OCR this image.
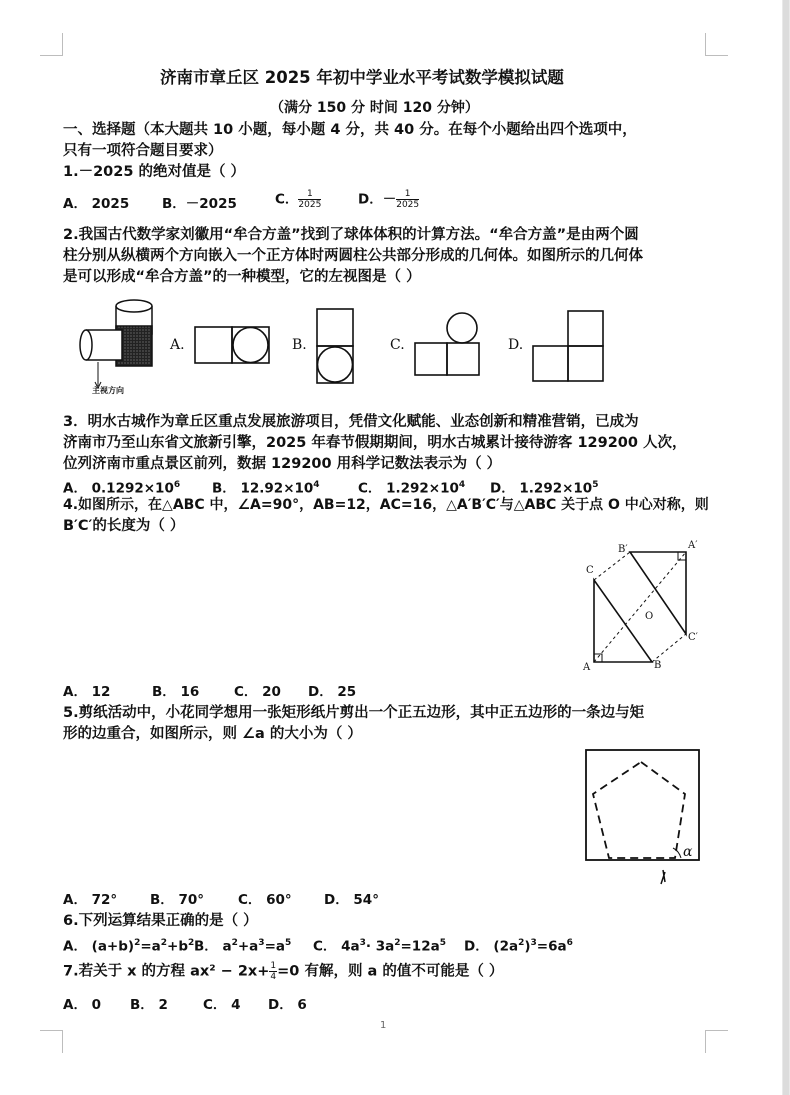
济南市章丘区 2025 年初中学业水平考试数学模拟试题
（满分 150 分 时间 120 分钟）
一、选择题（本大题共 10 小题，每小题 4 分，共 40 分。在每个小题给出四个选项中，
只有一项符合题目要求）
1.－2025 的绝对值是（ ）
A． 2025 B．－2025	C． $\frac{1}{2025}$	D．－ $\frac{1}{2025}$
2.我国古代数学家刘徽用“牟合方盖”找到了球体体积的计算方法。“牟合方盖”是由两个圆
柱分别从纵横两个方向嵌入一个正方体时两圆柱公共部分形成的几何体。如图所示的几何体
是可以形成“牟合方盖”的一种模型，它的左视图是（ ）
主视方向
A.	B.	C.	D.
3．明水古城作为章丘区重点发展旅游项目，凭借文化赋能、业态创新和精准营销，已成为
济南市乃至山东省文旅新引擎，2025 年春节假期期间，明水古城累计接待游客 129200 人次，
位列济南市重点景区前列，数据 129200 用科学记数法表示为（ ）
A． $0.1292\times 10^6$ B． $12.92\times 10^4$	C． $1.292\times 10^4$ D． $1.292\times 10^5$
4.如图所示，在△ABC 中，∠A=90°，AB=12，AC=16，△A′B′C′与△ABC 关于点 O 中心对称，则
B′C′的长度为（ ）
B′	A′
C
O
C′
A	B
A． 12	B． 16	C． 20 D． 25
5.剪纸活动中，小花同学想用一张矩形纸片剪出一个正五边形，其中正五边形的一条边与矩
形的边重合，如图所示，则 ∠a 的大小为（ ）
α
A． 72° B． 70°	C． 60° D． 54°
6.下列运算结果正确的是（ ）
A． $(a+b)^2=a^2+b^2$ B． $a^2+a^3=a^5$ C． $4a^3\cdot 3a^2=12a^5$ D． $(2a^2)^3=6a^6$
7.若关于 x 的方程 $ax^2 - 2x+ \frac{1}{4} =0$ 有解，则 a 的值不可能是（ ）
A． 0 B． 2	C． 4 D． 6
1
